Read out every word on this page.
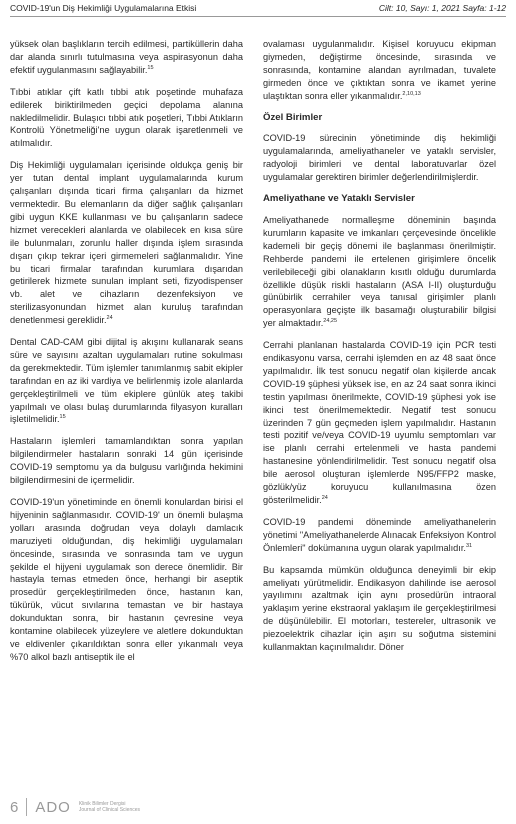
COVID-19'un Diş Hekimliği Uygulamalarına Etkisi	Cilt: 10, Sayı: 1, 2021 Sayfa: 1-12

yüksek olan başlıkların tercih edilmesi, partiküllerin daha dar alanda sınırlı tutulmasına veya aspirasyonun daha efektif uygulanmasını sağlayabilir.$^{15}$

Tıbbi atıklar çift katlı tıbbi atık poşetinde muhafaza edilerek biriktirilmeden geçici depolama alanına nakledilmelidir. Bulaşıcı tıbbi atık poşetleri, Tıbbi Atıkların Kontrolü Yönetmeliği'ne uygun olarak işaretlenmeli ve atılmalıdır.

Diş Hekimliği uygulamaları içerisinde oldukça geniş bir yer tutan dental implant uygulamalarında kurum çalışanları dışında ticari firma çalışanları da hizmet vermektedir. Bu elemanların da diğer sağlık çalışanları gibi uygun KKE kullanması ve bu çalışanların sadece hizmet verecekleri alanlarda ve olabilecek en kısa süre ile bulunmaları, zorunlu haller dışında işlem sırasında dışarı çıkıp tekrar içeri girmemeleri sağlanmalıdır. Yine bu ticari firmalar tarafından kurumlara dışarıdan getirilerek hizmete sunulan implant seti, fizyodispenser vb. alet ve cihazların dezenfeksiyon ve sterilizasyonundan hizmet alan kuruluş tarafından denetlenmesi gereklidir.$^{24}$

Dental CAD-CAM gibi dijital iş akışını kullanarak seans süre ve sayısını azaltan uygulamaları rutine sokulması da gerekmektedir. Tüm işlemler tanımlanmış sabit ekipler tarafından en az iki vardiya ve belirlenmiş izole alanlarda gerçekleştirilmeli ve tüm ekiplere günlük ateş takibi yapılmalı ve olası bulaş durumlarında filyasyon kuralları işletilmelidir.$^{15}$

Hastaların işlemleri tamamlandıktan sonra yapılan bilgilendirmeler hastaların sonraki 14 gün içerisinde COVID-19 semptomu ya da bulgusu varlığında hekimini bilgilendirmesini de içermelidir.

COVID-19'un yönetiminde en önemli konulardan birisi el hijyeninin sağlanmasıdır. COVID-19' un önemli bulaşma yolları arasında doğrudan veya dolaylı damlacık maruziyeti olduğundan, diş hekimliği uygulamaları öncesinde, sırasında ve sonrasında tam ve uygun şekilde el hijyeni uygulamak son derece önemlidir. Bir hastayla temas etmeden önce, herhangi bir aseptik prosedür gerçekleştirilmeden önce, hastanın kan, tükürük, vücut sıvılarına temastan ve bir hastaya dokunduktan sonra, bir hastanın çevresine veya kontamine olabilecek yüzeylere ve aletlere dokunduktan ve eldivenler çıkarıldıktan sonra eller yıkanmalı veya %70 alkol bazlı antiseptik ile el

ovalaması uygulanmalıdır. Kişisel koruyucu ekipman giymeden, değiştirme öncesinde, sırasında ve sonrasında, kontamine alandan ayrılmadan, tuvalete girmeden önce ve çıktıktan sonra ve ikamet yerine ulaştıktan sonra eller yıkanmalıdır.$^{2,10,13}$

Özel Birimler

COVID-19 sürecinin yönetiminde diş hekimliği uygulamalarında, ameliyathaneler ve yataklı servisler, radyoloji birimleri ve dental laboratuvarlar özel uygulamalar gerektiren birimler değerlendirilmişlerdir.

Ameliyathane ve Yataklı Servisler

Ameliyathanede normalleşme döneminin başında kurumların kapasite ve imkanları çerçevesinde öncelikle kademeli bir geçiş dönemi ile başlanması önerilmiştir. Rehberde pandemi ile ertelenen girişimlere öncelik verilebileceği gibi olanakların kısıtlı olduğu durumlarda özellikle düşük riskli hastaların (ASA I-II) oluşturduğu günübirlik cerrahiler veya tanısal girişimler planlı operasyonlara geçişte ilk basamağı oluşturabilir bilgisi yer almaktadır.$^{24,25}$

Cerrahi planlanan hastalarda COVID-19 için PCR testi endikasyonu varsa, cerrahi işlemden en az 48 saat önce yapılmalıdır. İlk test sonucu negatif olan kişilerde ancak COVID-19 şüphesi yüksek ise, en az 24 saat sonra ikinci testin yapılması önerilmekte, COVID-19 şüphesi yok ise ikinci test önerilmemektedir. Negatif test sonucu üzerinden 7 gün geçmeden işlem yapılmalıdır. Hastanın testi pozitif ve/veya COVID-19 uyumlu semptomları var ise planlı cerrahi ertelenmeli ve hasta pandemi hastanesine yönlendirilmelidir. Test sonucu negatif olsa bile aerosol oluşturan işlemlerde N95/FFP2 maske, gözlük/yüz koruyucu kullanılmasına özen gösterilmelidir.$^{24}$

COVID-19 pandemi döneminde ameliyathanelerin yönetimi "Ameliyathanelerde Alınacak Enfeksiyon Kontrol Önlemleri" dokümanına uygun olarak yapılmalıdır.$^{31}$

Bu kapsamda mümkün olduğunca deneyimli bir ekip ameliyatı yürütmelidir. Endikasyon dahilinde ise aerosol yayılımını azaltmak için aynı prosedürün intraoral yaklaşım yerine ekstraoral yaklaşım ile gerçekleştirilmesi de düşünülebilir. El motorları, testereler, ultrasonik ve piezoelektrik cihazlar için aşırı su soğutma sistemini kullanmaktan kaçınılmalıdır. Döner

6 ADO Klinik Bilimler Dergisi
Journal of Clinical Sciences
